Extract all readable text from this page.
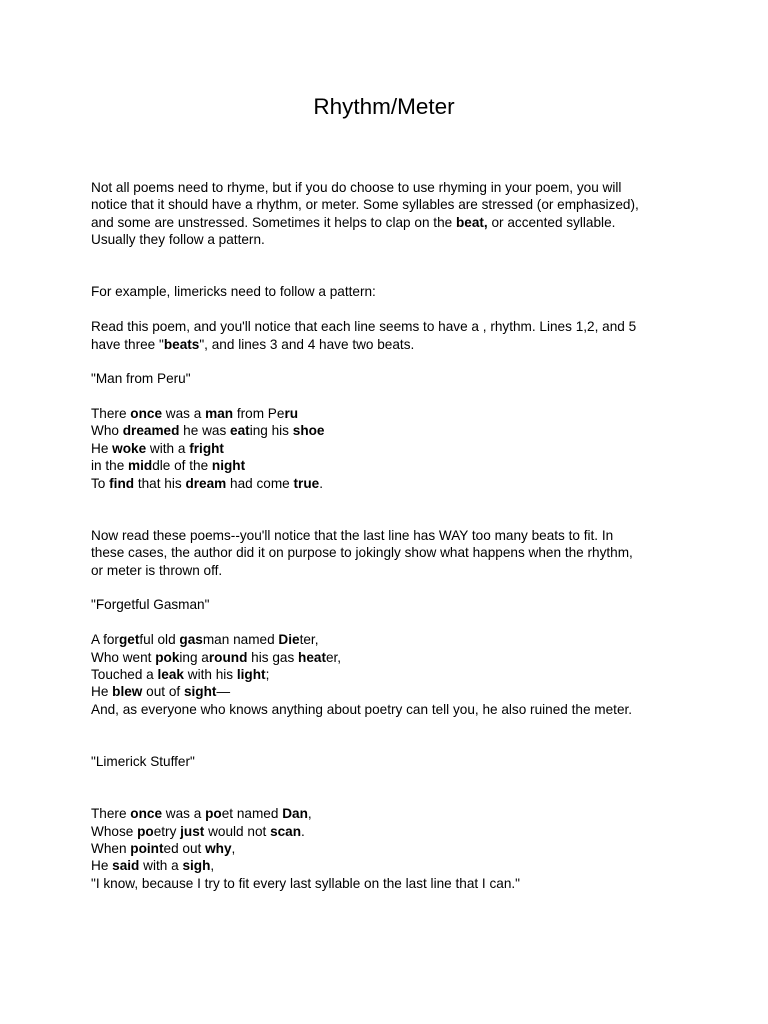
Rhythm/Meter

Not all poems need to rhyme, but if you do choose to use rhyming in your poem, you will

notice that it should have a rhythm, or meter. Some syllables are stressed (or emphasized),

and some are unstressed. Sometimes it helps to clap on the beat, or accented syllable.

Usually they follow a pattern.

For example, limericks need to follow a pattern:

Read this poem, and you'll notice that each line seems to have a , rhythm. Lines 1,2, and 5

have three "beats", and lines 3 and 4 have two beats.

"Man from Peru"

There once was a man from Peru

Who dreamed he was eating his shoe

He woke with a fright

in the middle of the night

To find that his dream had come true.

Now read these poems--you'll notice that the last line has WAY too many beats to fit. In

these cases, the author did it on purpose to jokingly show what happens when the rhythm,

or meter is thrown off.

"Forgetful Gasman"

A forgetful old gasman named Dieter,

Who went poking around his gas heater,

Touched a leak with his light;

He blew out of sight—

And, as everyone who knows anything about poetry can tell you, he also ruined the meter.

"Limerick Stuffer"

There once was a poet named Dan,

Whose poetry just would not scan.

When pointed out why,

He said with a sigh,

"I know, because I try to fit every last syllable on the last line that I can."
